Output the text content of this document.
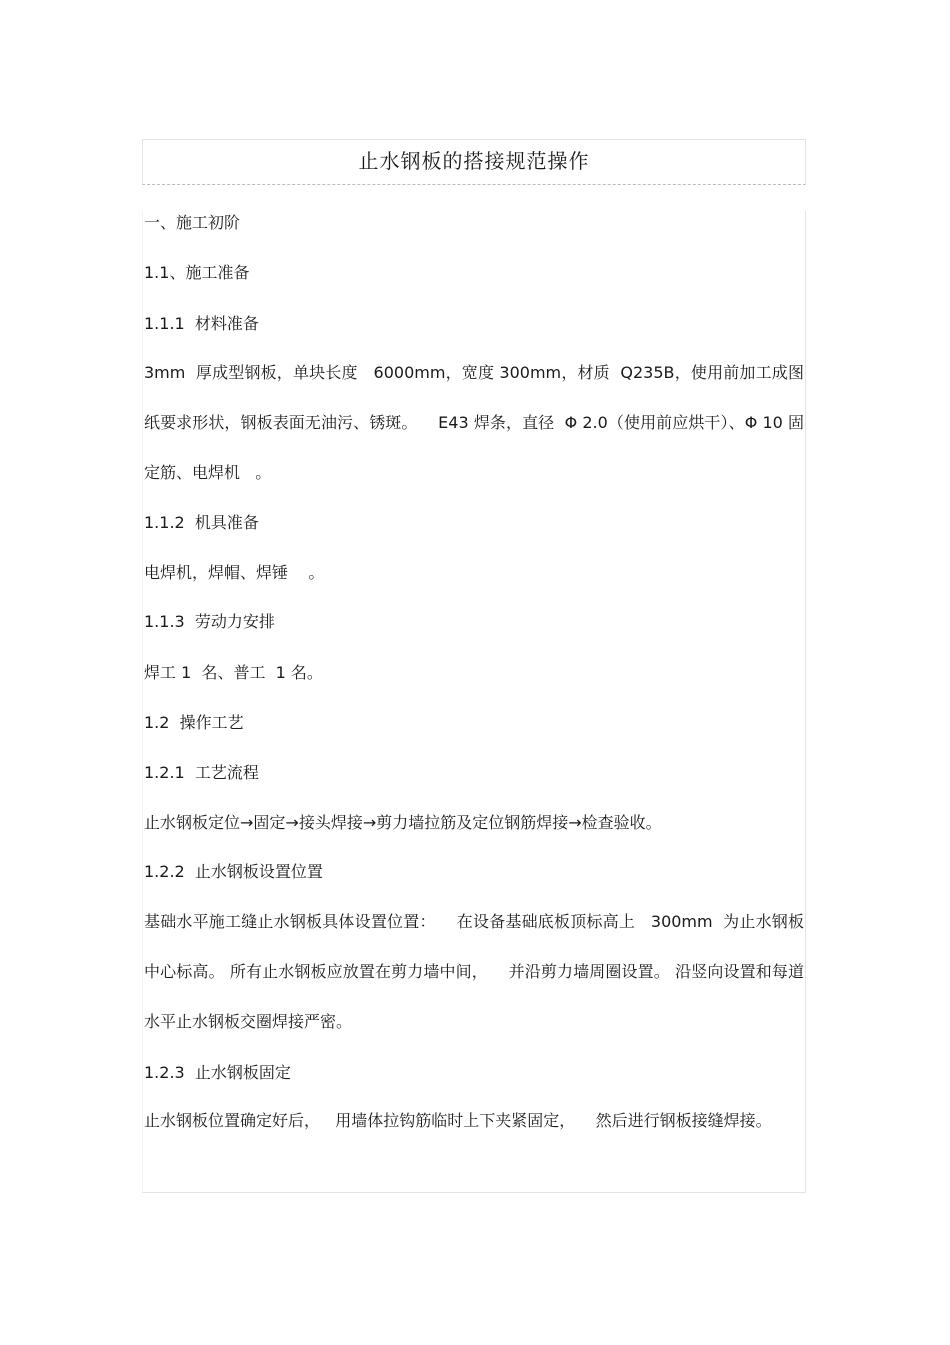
止水钢板的搭接规范操作
一、施工初阶
1.1、施工准备
1.1.1  材料准备
3mm  厚成型钢板，单块长度   6000mm，宽度 300mm，材质  Q235B，使用前加工成图纸要求形状，钢板表面无油污、锈斑。    E43 焊条，直径  Φ 2.0（使用前应烘干）、Φ 10 固定筋、电焊机   。
1.1.2  机具准备
电焊机，焊帽、焊锤    。
1.1.3  劳动力安排
焊工 1  名、普工  1 名。
1.2  操作工艺
1.2.1  工艺流程
止水钢板定位→固定→接头焊接→剪力墙拉筋及定位钢筋焊接→检查验收。
1.2.2  止水钢板设置位置
基础水平施工缝止水钢板具体设置位置：    在设备基础底板顶标高上   300mm  为止水钢板中心标高。 所有止水钢板应放置在剪力墙中间，    并沿剪力墙周圈设置。 沿竖向设置和每道水平止水钢板交圈焊接严密。
1.2.3  止水钢板固定
止水钢板位置确定好后，   用墙体拉钩筋临时上下夹紧固定，    然后进行钢板接缝焊接。
